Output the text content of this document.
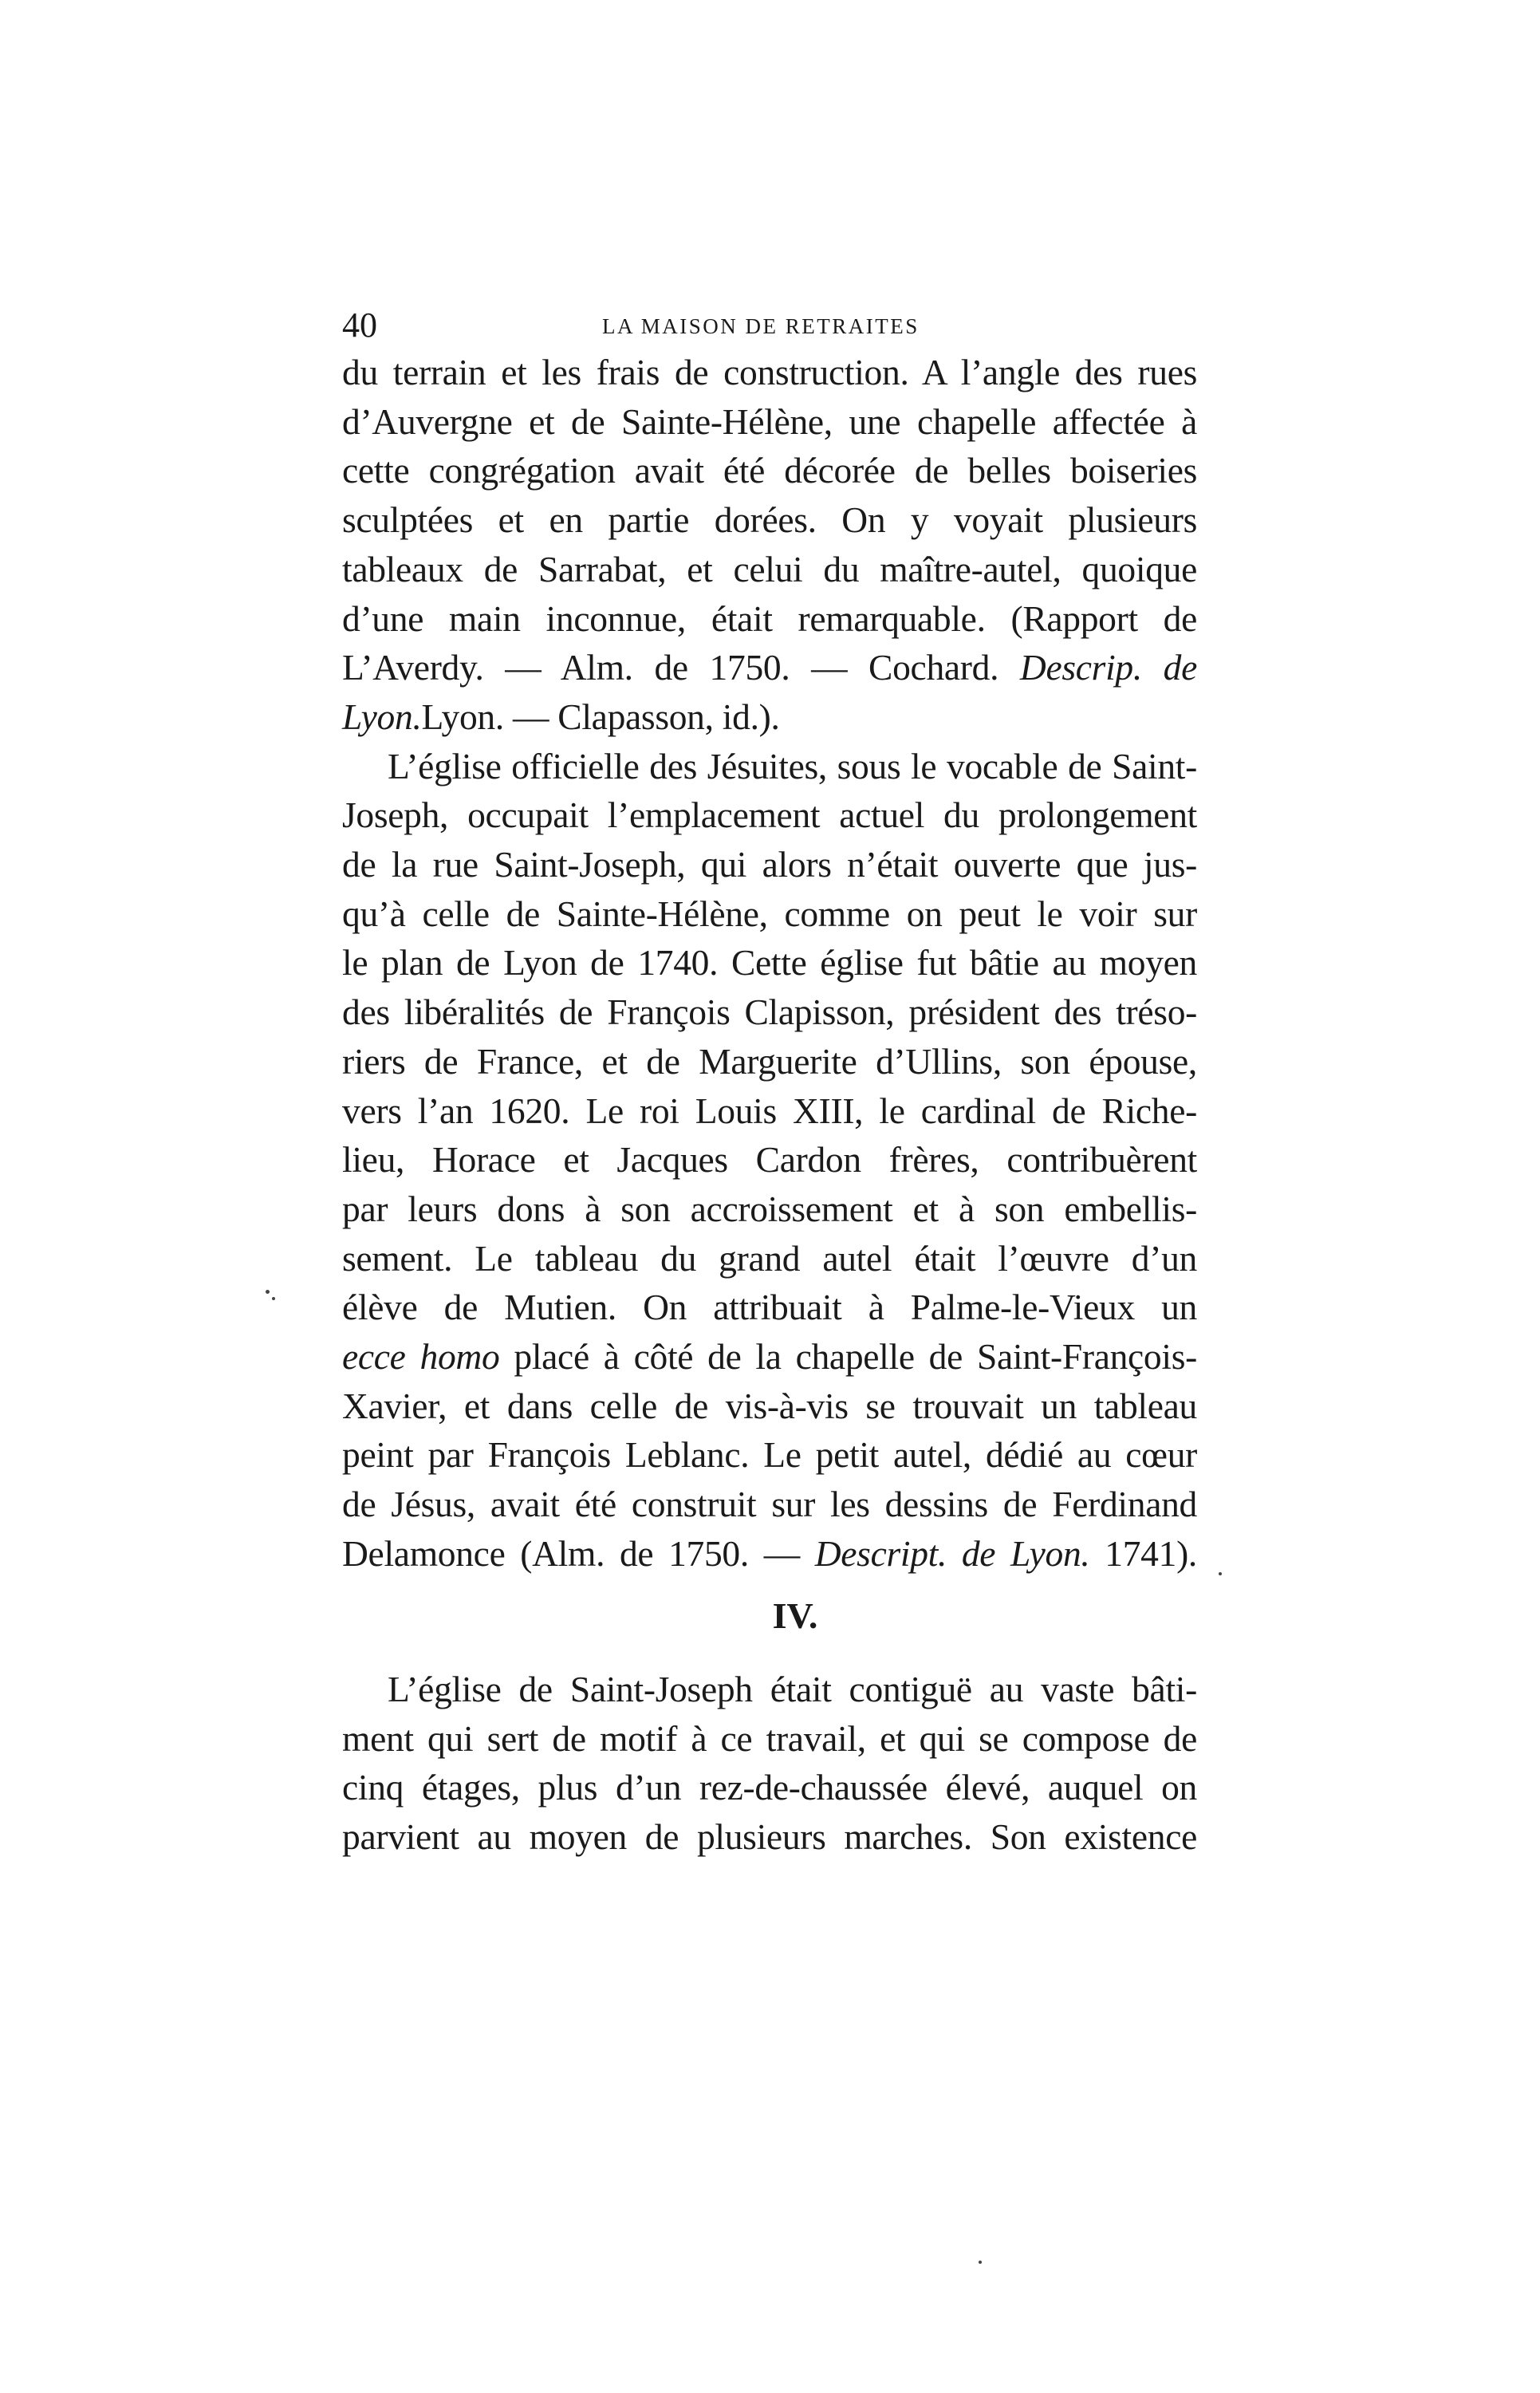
40	LA MAISON DE RETRAITES

du terrain et les frais de construction. A l’angle des rues
d’Auvergne et de Sainte-Hélène, une chapelle affectée à
cette congrégation avait été décorée de belles boiseries
sculptées et en partie dorées. On y voyait plusieurs
tableaux de Sarrabat, et celui du maître-autel, quoique
d’une main inconnue, était remarquable. (Rapport de
L’Averdy. — Alm. de 1750. — Cochard. Descrip. de
Lyon.Lyon. — Clapasson, id.).

L’église officielle des Jésuites, sous le vocable de Saint-
Joseph, occupait l’emplacement actuel du prolongement
de la rue Saint-Joseph, qui alors n’était ouverte que jus-
qu’à celle de Sainte-Hélène, comme on peut le voir sur
le plan de Lyon de 1740. Cette église fut bâtie au moyen
des libéralités de François Clapisson, président des tréso-
riers de France, et de Marguerite d’Ullins, son épouse,
vers l’an 1620. Le roi Louis XIII, le cardinal de Riche-
lieu, Horace et Jacques Cardon frères, contribuèrent
par leurs dons à son accroissement et à son embellis-
sement. Le tableau du grand autel était l’œuvre d’un
élève de Mutien. On attribuait à Palme-le-Vieux un
ecce homo placé à côté de la chapelle de Saint-François-
Xavier, et dans celle de vis-à-vis se trouvait un tableau
peint par François Leblanc. Le petit autel, dédié au cœur
de Jésus, avait été construit sur les dessins de Ferdinand
Delamonce (Alm. de 1750. — Descript. de Lyon. 1741).

IV.

L’église de Saint-Joseph était contiguë au vaste bâti-
ment qui sert de motif à ce travail, et qui se compose de
cinq étages, plus d’un rez-de-chaussée élevé, auquel on
parvient au moyen de plusieurs marches. Son existence
